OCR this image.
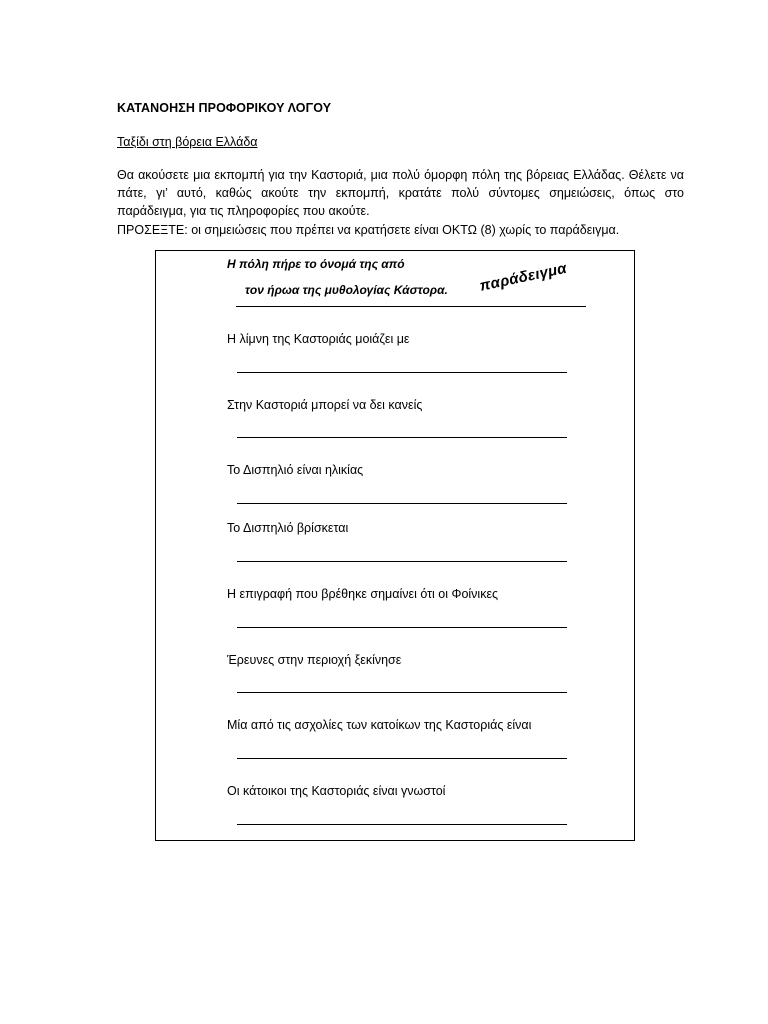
ΚΑΤΑΝΟΗΣΗ ΠΡΟΦΟΡΙΚΟΥ ΛΟΓΟΥ
Ταξίδι στη βόρεια Ελλάδα

Θα ακούσετε μια εκπομπή για την Καστοριά, μια πολύ όμορφη πόλη της βόρειας Ελλάδας. Θέλετε να πάτε, γι’ αυτό, καθώς ακούτε την εκπομπή, κρατάτε πολύ σύντομες σημειώσεις, όπως στο παράδειγμα, για τις πληροφορίες που ακούτε.

ΠΡΟΣΕΞΤΕ: οι σημειώσεις που πρέπει να κρατήσετε είναι ΟΚΤΩ (8) χωρίς το παράδειγμα.

Η πόλη πήρε το όνομά της από
τον ήρωα της μυθολογίας Κάστορα. παράδειγμα
Η λίμνη της Καστοριάς μοιάζει με
Στην Καστοριά μπορεί να δει κανείς
Το Δισπηλιό είναι ηλικίας
Το Δισπηλιό βρίσκεται
Η επιγραφή που βρέθηκε σημαίνει ότι οι Φοίνικες
Έρευνες στην περιοχή ξεκίνησε
Μία από τις ασχολίες των κατοίκων της Καστοριάς είναι
Οι κάτοικοι της Καστοριάς είναι γνωστοί
